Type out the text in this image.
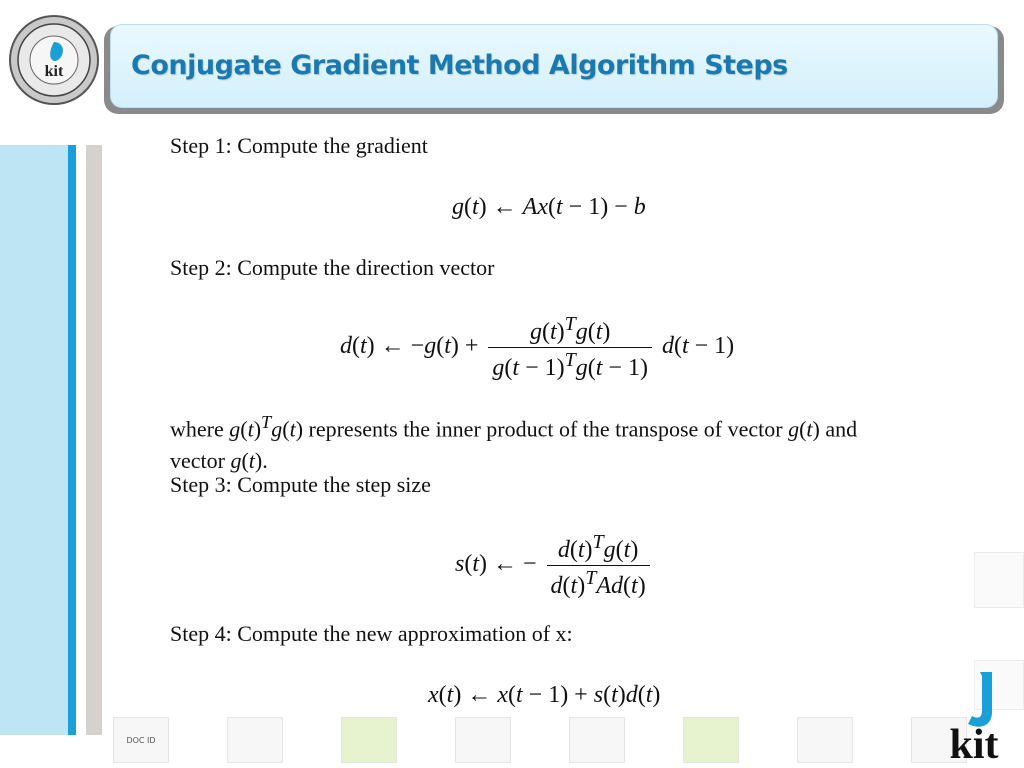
kit	Conjugate Gradient Method Algorithm Steps
Step 1: Compute the gradient
g(t) ← Ax(t − 1) − b
Step 2: Compute the direction vector
d(t) ← $-g(t) + \frac{g(t)^Tg(t)}{g(t - 1)^Tg(t - 1)} d(t - 1)$
where $g(t)^Tg(t)$ represents the inner product of the transpose of vector g(t) and
vector g(t).
Step 3: Compute the step size
s(t) ← − $\frac{d(t)^Tg(t)}{d(t)^TAd(t)}$
Step 4: Compute the new approximation of x:
x(t) ← x(t − 1) + s(t)d(t)
DOC ID	kit
